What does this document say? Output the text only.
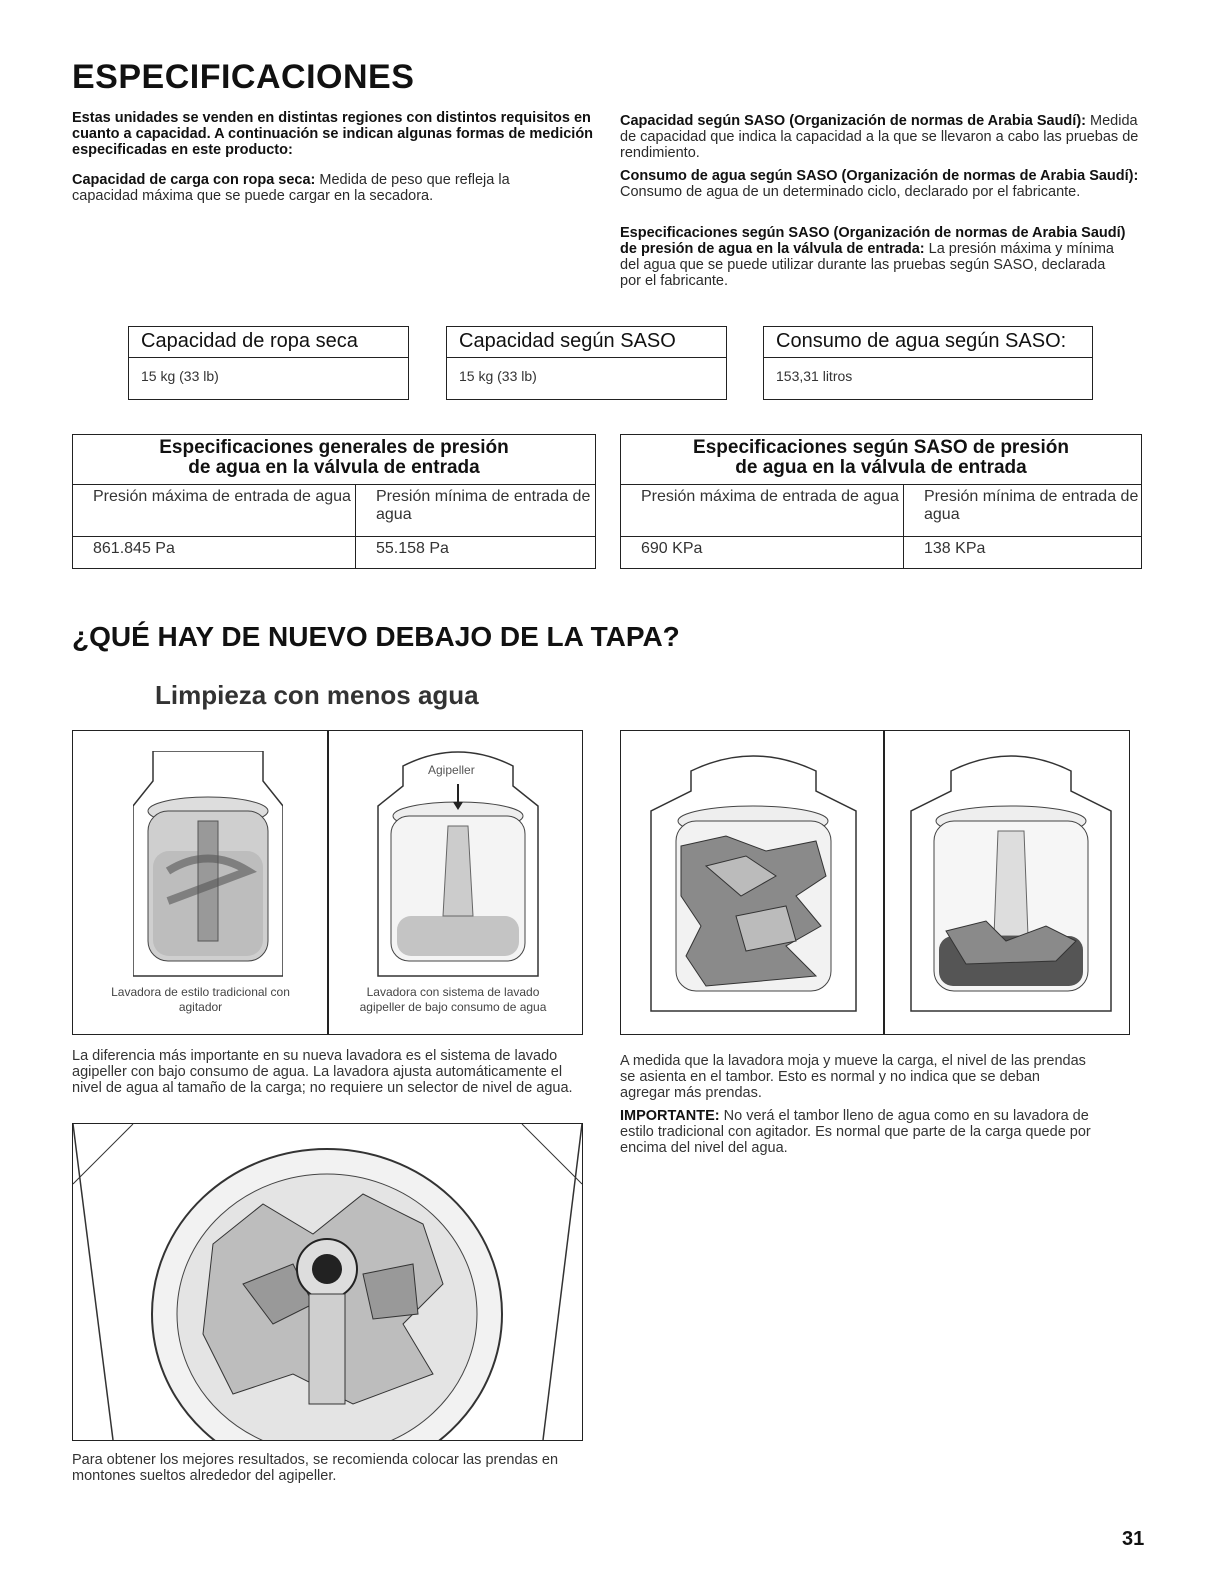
ESPECIFICACIONES

Estas unidades se venden en distintas regiones con distintos requisitos en cuanto a capacidad. A continuación se indican algunas formas de medición especificadas en este producto:

Capacidad de carga con ropa seca: Medida de peso que refleja la capacidad máxima que se puede cargar en la secadora.

Capacidad según SASO (Organización de normas de Arabia Saudí): Medida de capacidad que indica la capacidad a la que se llevaron a cabo las pruebas de rendimiento.

Consumo de agua según SASO (Organización de normas de Arabia Saudí): Consumo de agua de un determinado ciclo, declarado por el fabricante.

Especificaciones según SASO (Organización de normas de Arabia Saudí) de presión de agua en la válvula de entrada: La presión máxima y mínima del agua que se puede utilizar durante las pruebas según SASO, declarada por el fabricante.

Capacidad de ropa seca
15 kg (33 lb)
Capacidad según SASO
15 kg (33 lb)
Consumo de agua según SASO:
153,31 litros
Especificaciones generales de presión
de agua en la válvula de entrada	
Presión máxima de entrada de agua	Presión mínima de entrada de agua
861.845 Pa	55.158 Pa
Especificaciones según SASO de presión
de agua en la válvula de entrada	
Presión máxima de entrada de agua	Presión mínima de entrada de agua
690 KPa	138 KPa
¿QUÉ HAY DE NUEVO DEBAJO DE LA TAPA?
Limpieza con menos agua
Lavadora de estilo tradicional con agitador
Agipeller
Lavadora con sistema de lavado agipeller de bajo consumo de agua

La diferencia más importante en su nueva lavadora es el sistema de lavado agipeller con bajo consumo de agua. La lavadora ajusta automáticamente el nivel de agua al tamaño de la carga; no requiere un selector de nivel de agua.

Para obtener los mejores resultados, se recomienda colocar las prendas en montones sueltos alrededor del agipeller.

A medida que la lavadora moja y mueve la carga, el nivel de las prendas se asienta en el tambor. Esto es normal y no indica que se deban agregar más prendas.

IMPORTANTE: No verá el tambor lleno de agua como en su lavadora de estilo tradicional con agitador. Es normal que parte de la carga quede por encima del nivel del agua.

31
